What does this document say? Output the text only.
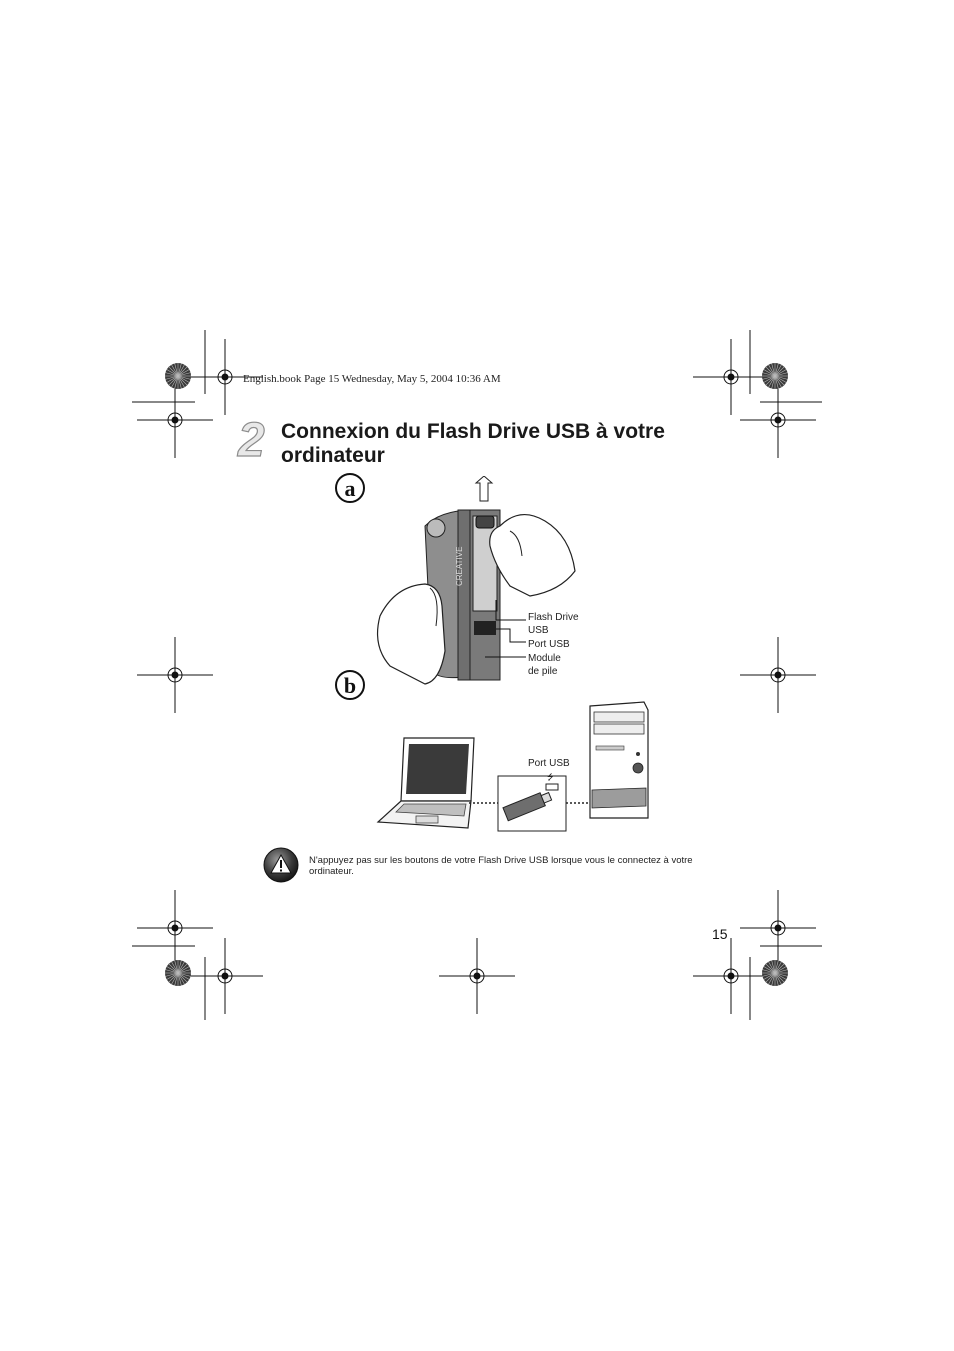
English.book Page 15 Wednesday, May 5, 2004 10:36 AM
2 Connexion du Flash Drive USB à votre ordinateur
a
CREATIVE
Flash Drive
USB
Port USB
Module
de pile
b
⭍
Port USB
N'appuyez pas sur les boutons de votre Flash Drive USB lorsque vous le connectez à votre ordinateur.
15
